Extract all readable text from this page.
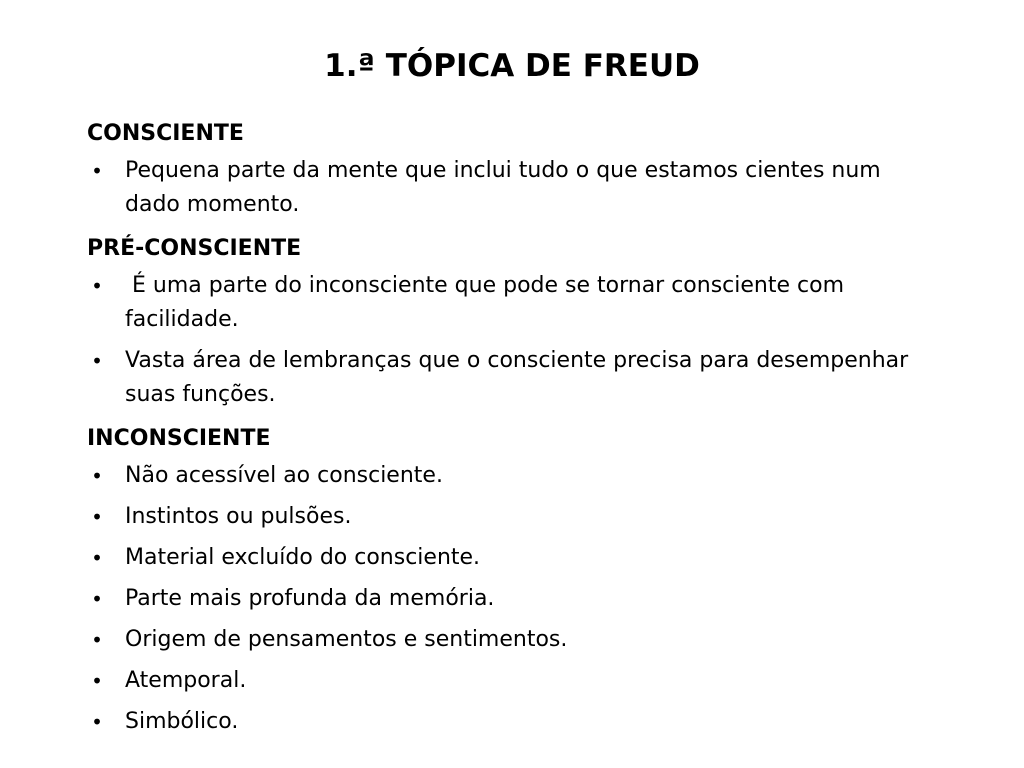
1.ª TÓPICA DE FREUD
CONSCIENTE
• Pequena parte da mente que inclui tudo o que estamos cientes num dado momento.
PRÉ-CONSCIENTE
• É uma parte do inconsciente que pode se tornar consciente com facilidade.
• Vasta área de lembranças que o consciente precisa para desempenhar suas funções.
INCONSCIENTE
• Não acessível ao consciente.
• Instintos ou pulsões.
• Material excluído do consciente.
• Parte mais profunda da memória.
• Origem de pensamentos e sentimentos.
• Atemporal.
• Simbólico.
